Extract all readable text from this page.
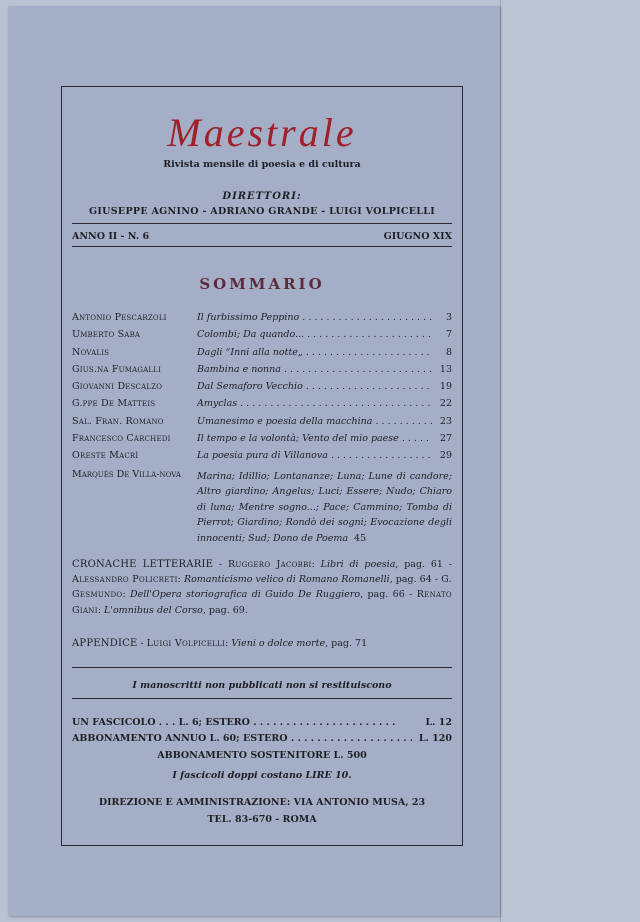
Maestrale
Rivista mensile di poesia e di cultura
DIRETTORI:
GIUSEPPE AGNINO - ADRIANO GRANDE - LUIGI VOLPICELLI
ANNO II - N. 6	GIUGNO XIX
SOMMARIO
Antonio Pescarzoli	Il furbissimo Peppino . . .	3
Umberto Saba	Colombi; Da quando... . . .	7
Novalis	Dagli “Inni alla notte„ . . .	8
Gius.na Fumagalli	Bambina e nonna . . .	13
Giovanni Descalzo	Dal Semaforo Vecchio . . .	19
G.ppe De Matteis	Amyclas . . .	22
Sal. Fran. Romano	Umanesimo e poesia della macchina . . .	23
Francesco Carchedi	Il tempo e la volontà; Vento del mio paese . . .	27
Oreste Macrì	La poesia pura di Villanova . . .	29
Marqués De Villa-nova	Marina; Idillio; Lontananze; Luna; Lune di candore; Altro giardino; Angelus; Luci; Essere; Nudo; Chiaro di luna; Mentre sogno...; Pace; Cammino; Tomba di Pierrot; Giardino; Rondò dei sogni; Evocazione degli innocenti; Sud; Dono de Poema 45
CRONACHE LETTERARIE - Ruggero Jacobbi: Libri di poesia, pag. 61 - Alessandro Policreti: Romanticismo velico di Romano Romanelli, pag. 64 - G. Gesmundo: Dell'Opera storiografica di Guido De Ruggiero, pag. 66 - Renato Giani: L'omnibus del Corso, pag. 69.
APPENDICE - Luigi Volpicelli: Vieni o dolce morte, pag. 71
I manoscritti non pubblicati non si restituiscono
UN FASCICOLO . . . L. 6; ESTERO . . .	L. 12
ABBONAMENTO ANNUO L. 60; ESTERO . . .	L. 120
ABBONAMENTO SOSTENITORE L. 500
I fascicoli doppi costano LIRE 10.
DIREZIONE E AMMINISTRAZIONE: VIA ANTONIO MUSA, 23
TEL. 83-670 - ROMA
